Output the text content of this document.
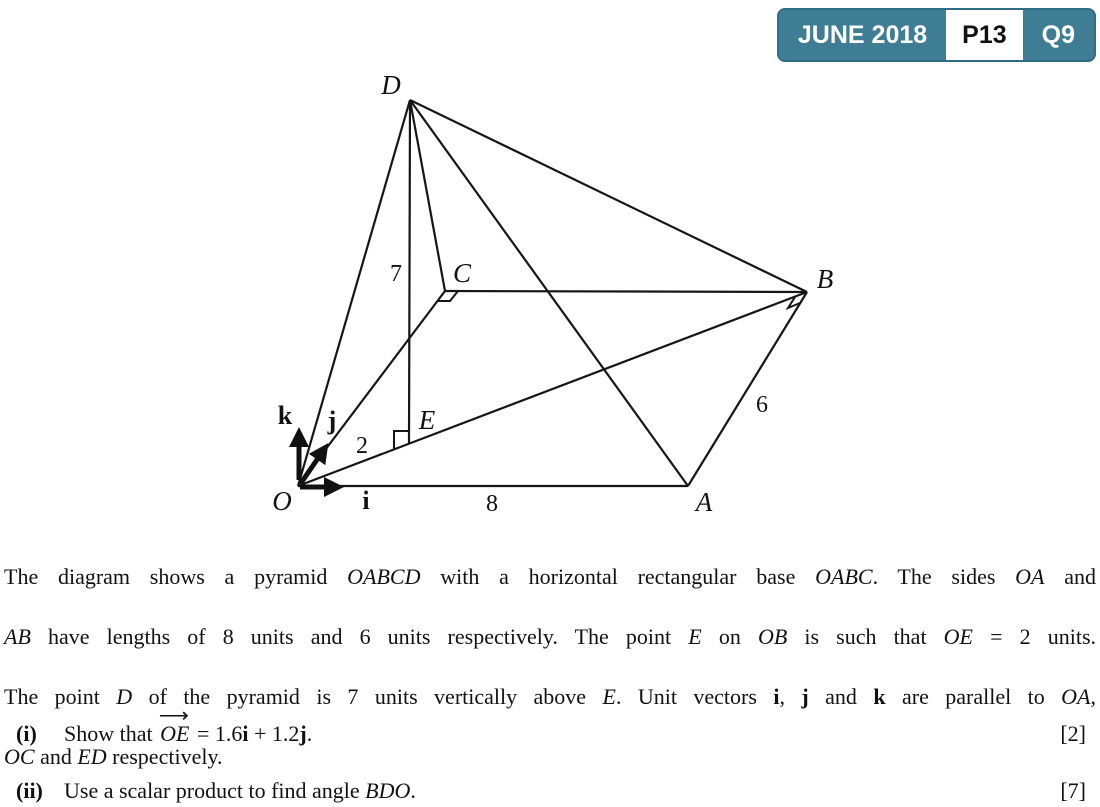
D
C	B
A
O
E
k j
i
7
2
8
6
JUNE 2018	P13	Q9
The diagram shows a pyramid OABCD with a horizontal rectangular base OABC. The sides OA and
AB have lengths of 8 units and 6 units respectively. The point E on OB is such that OE = 2 units.
The point D of the pyramid is 7 units vertically above E. Unit vectors i, j and k are parallel to OA,
OC and ED respectively.
(i)	Show that
⟶
OE = 1.6i + 1.2j.	[2]
(ii) Use a scalar product to find angle BDO.	[7]
